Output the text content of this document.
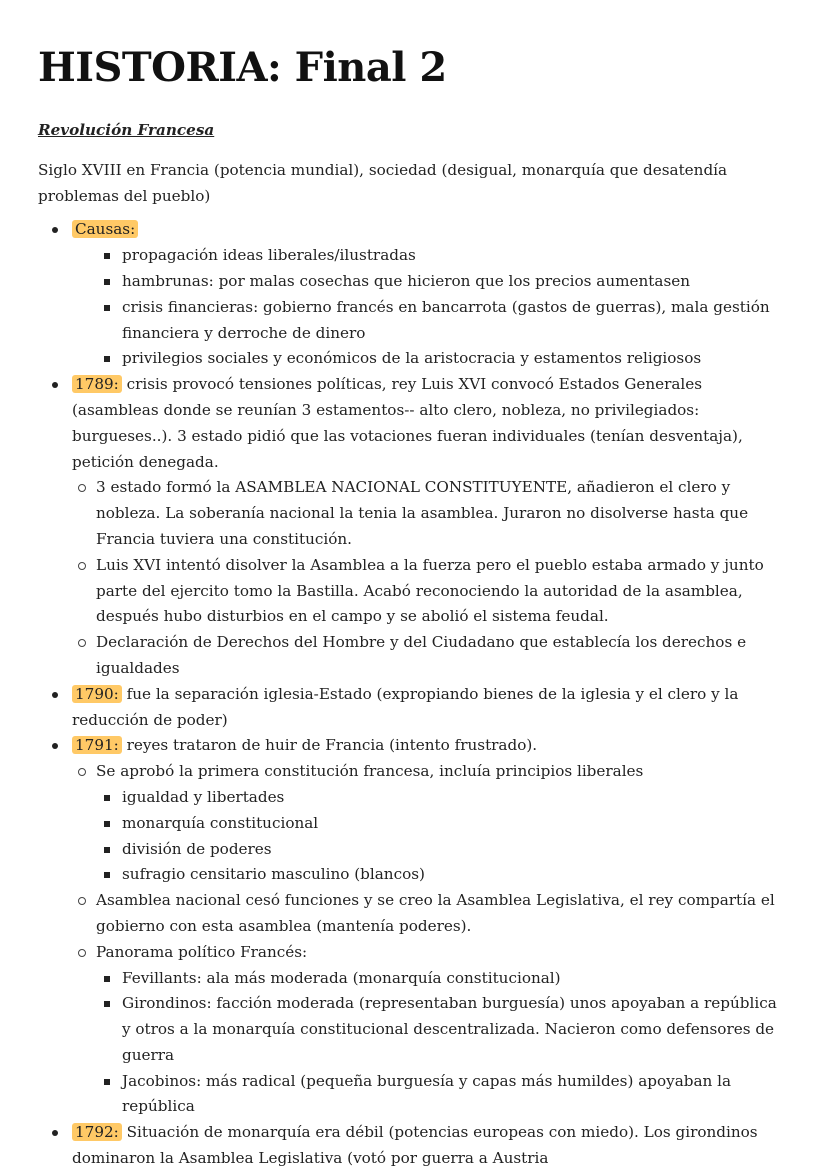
HISTORIA: Final 2
Revolución Francesa

Siglo XVIII en Francia (potencia mundial), sociedad (desigual, monarquía que desatendía problemas del pueblo)

Causas:
propagación ideas liberales/ilustradas
hambrunas: por malas cosechas que hicieron que los precios aumentasen
crisis financieras: gobierno francés en bancarrota (gastos de guerras), mala gestión financiera y derroche de dinero
privilegios sociales y económicos de la aristocracia y estamentos religiosos
1789: crisis provocó tensiones políticas, rey Luis XVI convocó Estados Generales (asambleas donde se reunían 3 estamentos-- alto clero, nobleza, no privilegiados: burgueses..). 3 estado pidió que las votaciones fueran individuales (tenían desventaja), petición denegada.
3 estado formó la ASAMBLEA NACIONAL CONSTITUYENTE, añadieron el clero y nobleza. La soberanía nacional la tenia la asamblea. Juraron no disolverse hasta que Francia tuviera una constitución.
Luis XVI intentó disolver la Asamblea a la fuerza pero el pueblo estaba armado y junto parte del ejercito tomo la Bastilla. Acabó reconociendo la autoridad de la asamblea, después hubo disturbios en el campo y se abolió el sistema feudal.
Declaración de Derechos del Hombre y del Ciudadano que establecía los derechos e igualdades
1790: fue la separación iglesia-Estado (expropiando bienes de la iglesia y el clero y la reducción de poder)
1791: reyes trataron de huir de Francia (intento frustrado).
Se aprobó la primera constitución francesa, incluía principios liberales
igualdad y libertades
monarquía constitucional
división de poderes
sufragio censitario masculino (blancos)
Asamblea nacional cesó funciones y se creo la Asamblea Legislativa, el rey compartía el gobierno con esta asamblea (mantenía poderes).
Panorama político Francés:
Fevillants: ala más moderada (monarquía constitucional)
Girondinos: facción moderada (representaban burguesía) unos apoyaban a república y otros a la monarquía constitucional descentralizada. Nacieron como defensores de guerra
Jacobinos: más radical (pequeña burguesía y capas más humildes) apoyaban la república
1792: Situación de monarquía era débil (potencias europeas con miedo). Los girondinos dominaron la Asamblea Legislativa (votó por guerra a Austria
